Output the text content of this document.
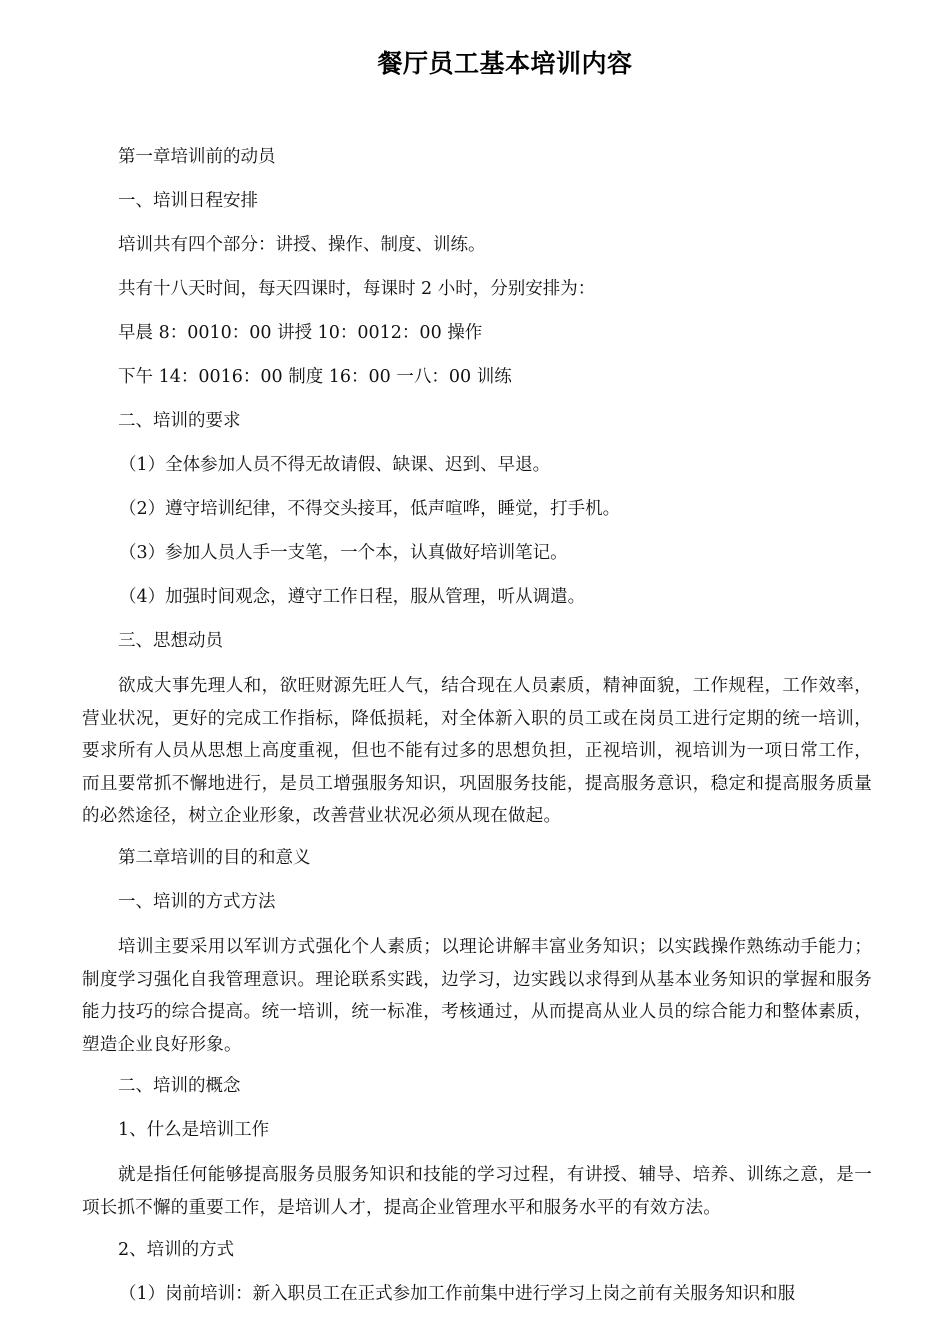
餐厅员工基本培训内容
第一章培训前的动员
一、培训日程安排
培训共有四个部分：讲授、操作、制度、训练。
共有十八天时间，每天四课时，每课时 2 小时，分别安排为：
早晨 8：0010：00 讲授 10：0012：00 操作
下午 14：0016：00 制度 16：00 一八：00 训练
二、培训的要求
（1）全体参加人员不得无故请假、缺课、迟到、早退。
（2）遵守培训纪律，不得交头接耳，低声喧哗，睡觉，打手机。
（3）参加人员人手一支笔，一个本，认真做好培训笔记。
（4）加强时间观念，遵守工作日程，服从管理，听从调遣。
三、思想动员
欲成大事先理人和，欲旺财源先旺人气，结合现在人员素质，精神面貌，工作规程，工作效率，营业状况，更好的完成工作指标，降低损耗，对全体新入职的员工或在岗员工进行定期的统一培训，要求所有人员从思想上高度重视，但也不能有过多的思想负担，正视培训，视培训为一项日常工作，而且要常抓不懈地进行，是员工增强服务知识，巩固服务技能，提高服务意识，稳定和提高服务质量的必然途径，树立企业形象，改善营业状况必须从现在做起。
第二章培训的目的和意义
一、培训的方式方法
培训主要采用以军训方式强化个人素质；以理论讲解丰富业务知识；以实践操作熟练动手能力；制度学习强化自我管理意识。理论联系实践，边学习，边实践以求得到从基本业务知识的掌握和服务能力技巧的综合提高。统一培训，统一标准，考核通过，从而提高从业人员的综合能力和整体素质，塑造企业良好形象。
二、培训的概念
1、什么是培训工作
就是指任何能够提高服务员服务知识和技能的学习过程，有讲授、辅导、培养、训练之意，是一项长抓不懈的重要工作，是培训人才，提高企业管理水平和服务水平的有效方法。
2、培训的方式
（1）岗前培训：新入职员工在正式参加工作前集中进行学习上岗之前有关服务知识和服
